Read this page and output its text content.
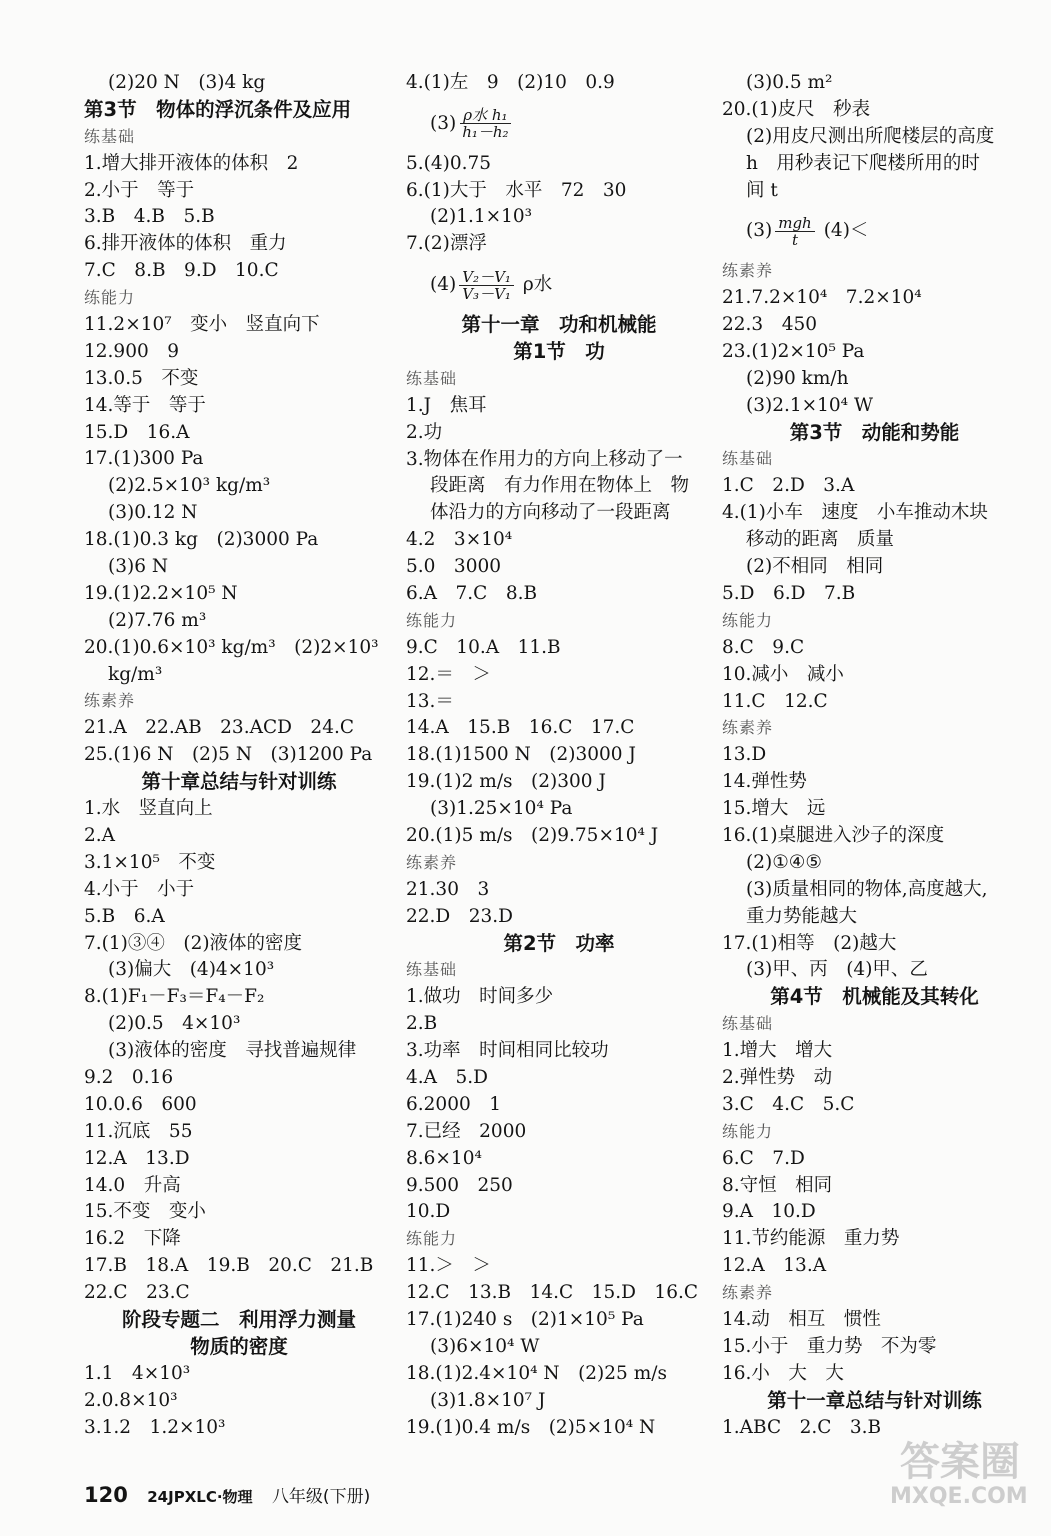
(2)20 N　(3)4 kg
第3节　物体的浮沉条件及应用
练基础
1.增大排开液体的体积　2
2.小于　等于
3.B　4.B　5.B
6.排开液体的体积　重力
7.C　8.B　9.D　10.C
练能力
11.2×10⁷　变小　竖直向下
12.900　9
13.0.5　不变
14.等于　等于
15.D　16.A
17.(1)300 Pa
(2)2.5×10³ kg/m³
(3)0.12 N
18.(1)0.3 kg　(2)3000 Pa
(3)6 N
19.(1)2.2×10⁵ N
(2)7.76 m³
20.(1)0.6×10³ kg/m³　(2)2×10³
kg/m³
练素养
21.A　22.AB　23.ACD　24.C
25.(1)6 N　(2)5 N　(3)1200 Pa
第十章总结与针对训练
1.水　竖直向上
2.A
3.1×10⁵　不变
4.小于　小于
5.B　6.A
7.(1)③④　(2)液体的密度
(3)偏大　(4)4×10³
8.(1)F₁－F₃＝F₄－F₂
(2)0.5　4×10³
(3)液体的密度　寻找普遍规律
9.2　0.16
10.0.6　600
11.沉底　55
12.A　13.D
14.0　升高
15.不变　变小
16.2　下降
17.B　18.A　19.B　20.C　21.B
22.C　23.C
阶段专题二　利用浮力测量
物质的密度
1.1　4×10³
2.0.8×10³
3.1.2　1.2×10³
4.(1)左　9　(2)10　0.9
$(3) \frac{\text{ρ水 h₁}}{\text{h₁－h₂}}$
5.(4)0.75
6.(1)大于　水平　72　30
(2)1.1×10³
7.(2)漂浮
$(4) \frac{\text{V₂－V₁}}{\text{V₃－V₁}}$ ρ水
第十一章　功和机械能
第1节　功
练基础
1.J　焦耳
2.功
3.物体在作用力的方向上移动了一
段距离　有力作用在物体上　物
体沿力的方向移动了一段距离
4.2　3×10⁴
5.0　3000
6.A　7.C　8.B
练能力
9.C　10.A　11.B
12.＝　＞
13.＝
14.A　15.B　16.C　17.C
18.(1)1500 N　(2)3000 J
19.(1)2 m/s　(2)300 J
(3)1.25×10⁴ Pa
20.(1)5 m/s　(2)9.75×10⁴ J
练素养
21.30　3
22.D　23.D
第2节　功率
练基础
1.做功　时间多少
2.B
3.功率　时间相同比较功
4.A　5.D
6.2000　1
7.已经　2000
8.6×10⁴
9.500　250
10.D
练能力
11.＞　＞
12.C　13.B　14.C　15.D　16.C
17.(1)240 s　(2)1×10⁵ Pa
(3)6×10⁴ W
18.(1)2.4×10⁴ N　(2)25 m/s
(3)1.8×10⁷ J
19.(1)0.4 m/s　(2)5×10⁴ N
(3)0.5 m²
20.(1)皮尺　秒表
(2)用皮尺测出所爬楼层的高度
h　用秒表记下爬楼所用的时
间 t
$(3) \frac{\text{mgh}}{t} (4)<$
练素养
21.7.2×10⁴　7.2×10⁴
22.3　450
23.(1)2×10⁵ Pa
(2)90 km/h
(3)2.1×10⁴ W
第3节　动能和势能
练基础
1.C　2.D　3.A
4.(1)小车　速度　小车推动木块
移动的距离　质量
(2)不相同　相同
5.D　6.D　7.B
练能力
8.C　9.C
10.减小　减小
11.C　12.C
练素养
13.D
14.弹性势
15.增大　远
16.(1)桌腿进入沙子的深度
(2)①④⑤
(3)质量相同的物体,高度越大,
重力势能越大
17.(1)相等　(2)越大
(3)甲、丙　(4)甲、乙
第4节　机械能及其转化
练基础
1.增大　增大
2.弹性势　动
3.C　4.C　5.C
练能力
6.C　7.D
8.守恒　相同
9.A　10.D
11.节约能源　重力势
12.A　13.A
练素养
14.动　相互　惯性
15.小于　重力势　不为零
16.小　大　大
第十一章总结与针对训练
1.ABC　2.C　3.B
120 24JPXLC·物理 八年级(下册)
答案圈
MXQE.COM
